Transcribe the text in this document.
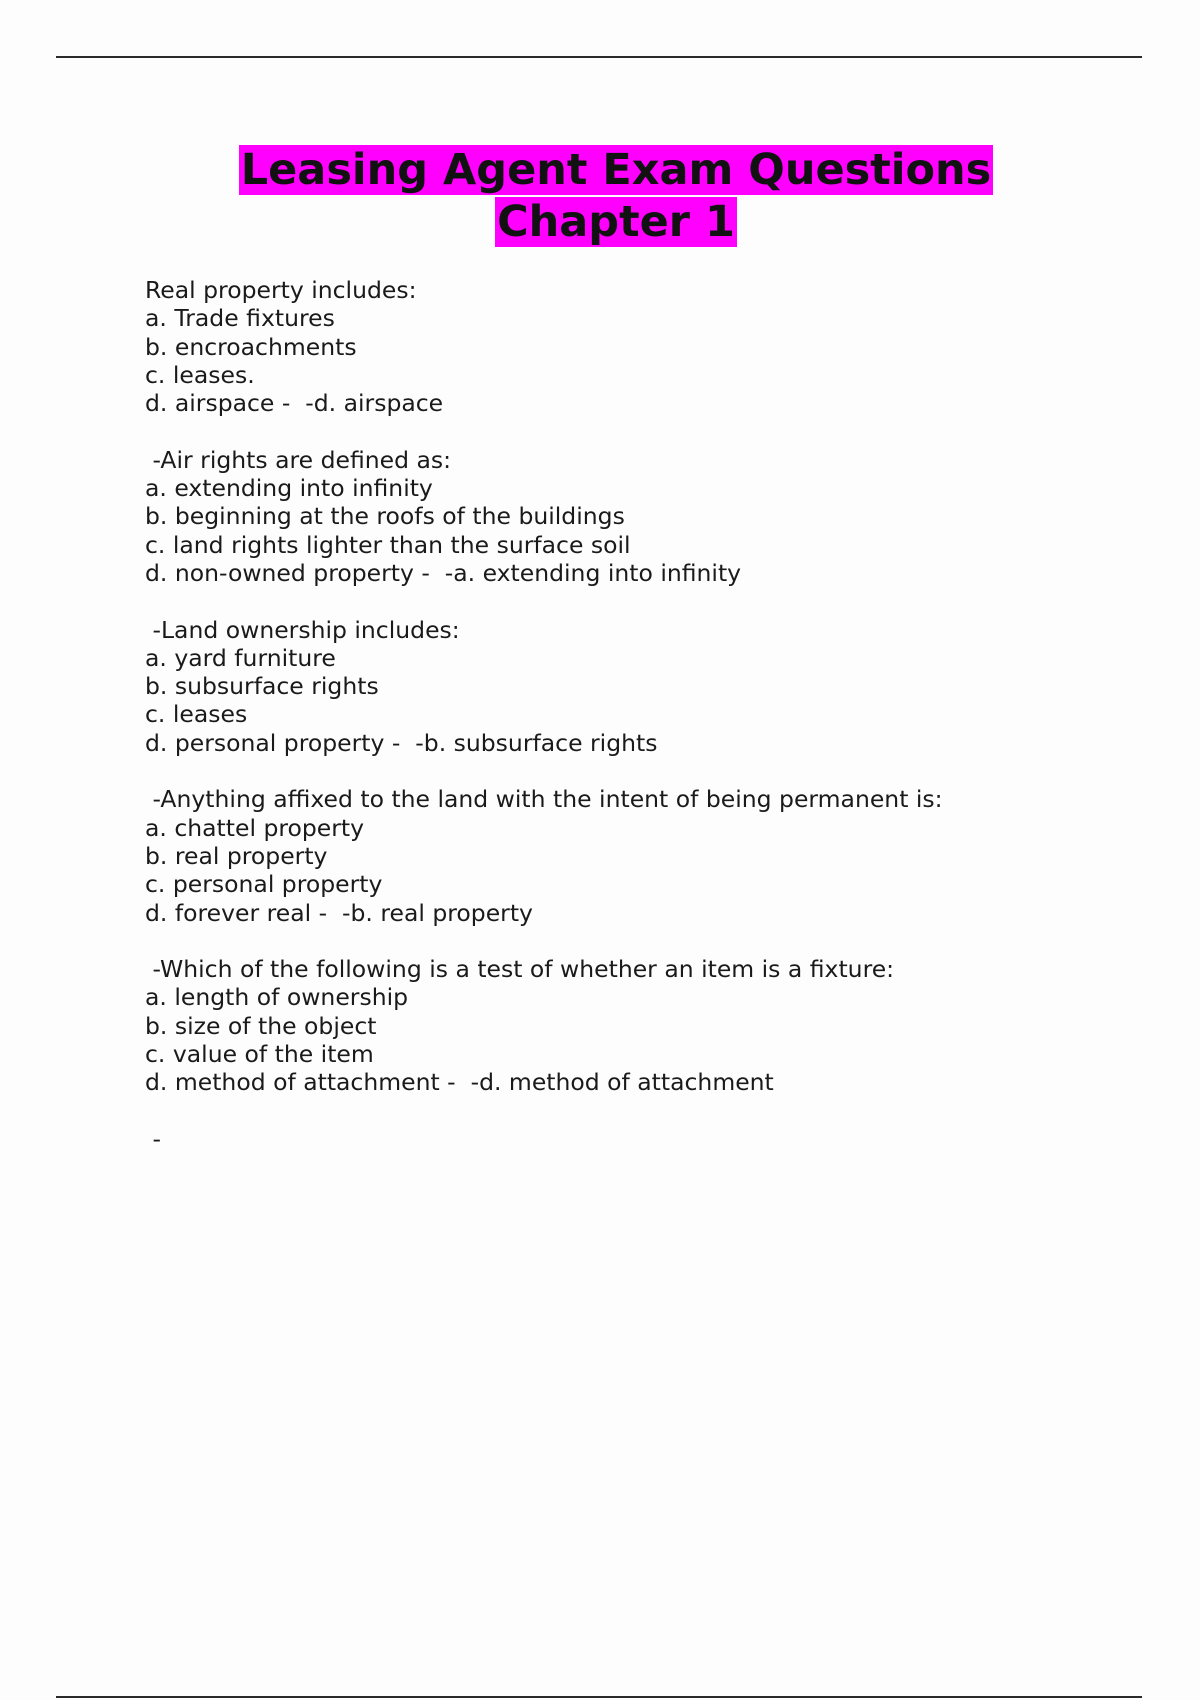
Leasing Agent Exam Questions
Chapter 1
Real property includes:
a. Trade fixtures
b. encroachments
c. leases.
d. airspace -  -d. airspace
-Air rights are defined as:
a. extending into infinity
b. beginning at the roofs of the buildings
c. land rights lighter than the surface soil
d. non-owned property -  -a. extending into infinity
-Land ownership includes:
a. yard furniture
b. subsurface rights
c. leases
d. personal property -  -b. subsurface rights
-Anything affixed to the land with the intent of being permanent is:
a. chattel property
b. real property
c. personal property
d. forever real -  -b. real property
-Which of the following is a test of whether an item is a fixture:
a. length of ownership
b. size of the object
c. value of the item
d. method of attachment -  -d. method of attachment
-
